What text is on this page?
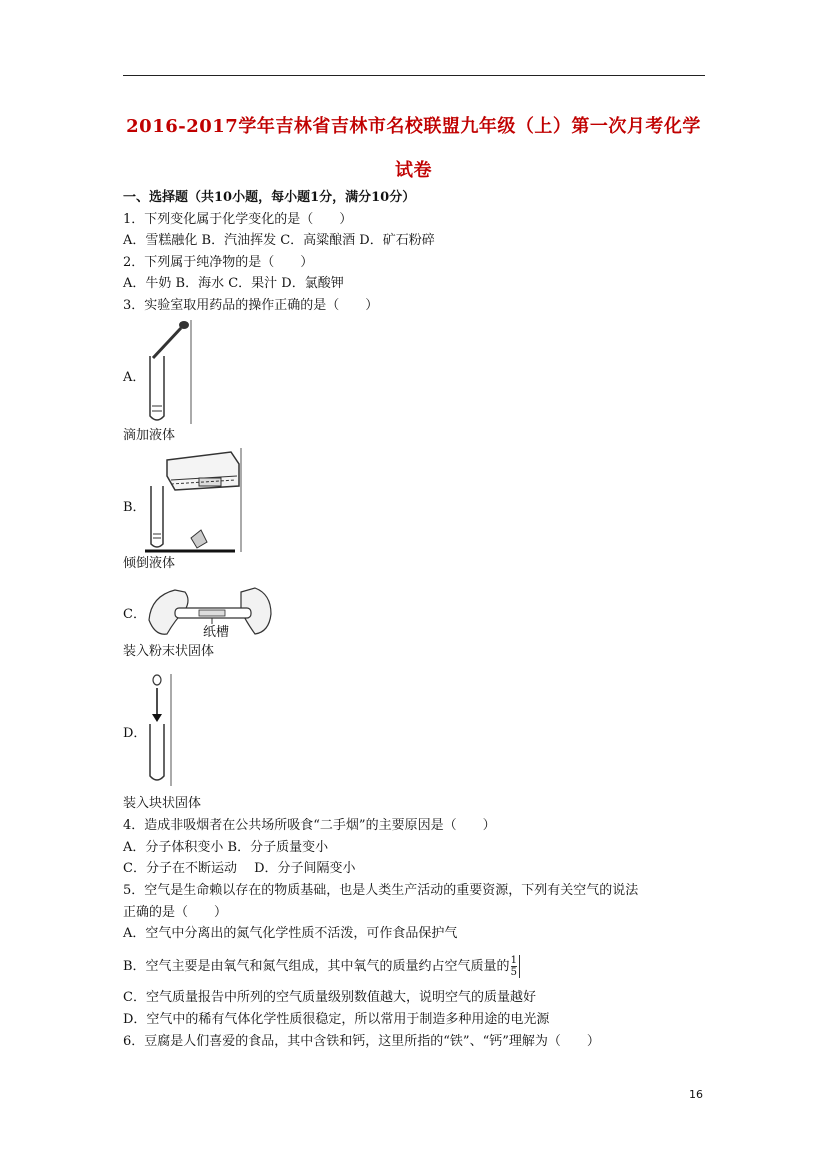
2016-2017学年吉林省吉林市名校联盟九年级（上）第一次月考化学
试卷
一、选择题（共10小题，每小题1分，满分10分）
1．下列变化属于化学变化的是（　　）
A．雪糕融化 B．汽油挥发 C．高粱酿酒 D．矿石粉碎
2．下列属于纯净物的是（　　）
A．牛奶 B．海水 C．果汁 D．氯酸钾
3．实验室取用药品的操作正确的是（　　）
A．
滴加液体
B．
倾倒液体
C．
纸槽
装入粉末状固体
D．
装入块状固体
4．造成非吸烟者在公共场所吸食“二手烟”的主要原因是（　　）
A．分子体积变小 B．分子质量变小
C．分子在不断运动　 D．分子间隔变小
5．空气是生命赖以存在的物质基础，也是人类生产活动的重要资源，下列有关空气的说法
正确的是（　　）
A．空气中分离出的氮气化学性质不活泼，可作食品保护气
B．空气主要是由氧气和氮气组成，其中氧气的质量约占空气质量的 $\frac{1}{5}$
C．空气质量报告中所列的空气质量级别数值越大，说明空气的质量越好
D．空气中的稀有气体化学性质很稳定，所以常用于制造多种用途的电光源
6．豆腐是人们喜爱的食品，其中含铁和钙，这里所指的“铁”、“钙”理解为（　　）
16
